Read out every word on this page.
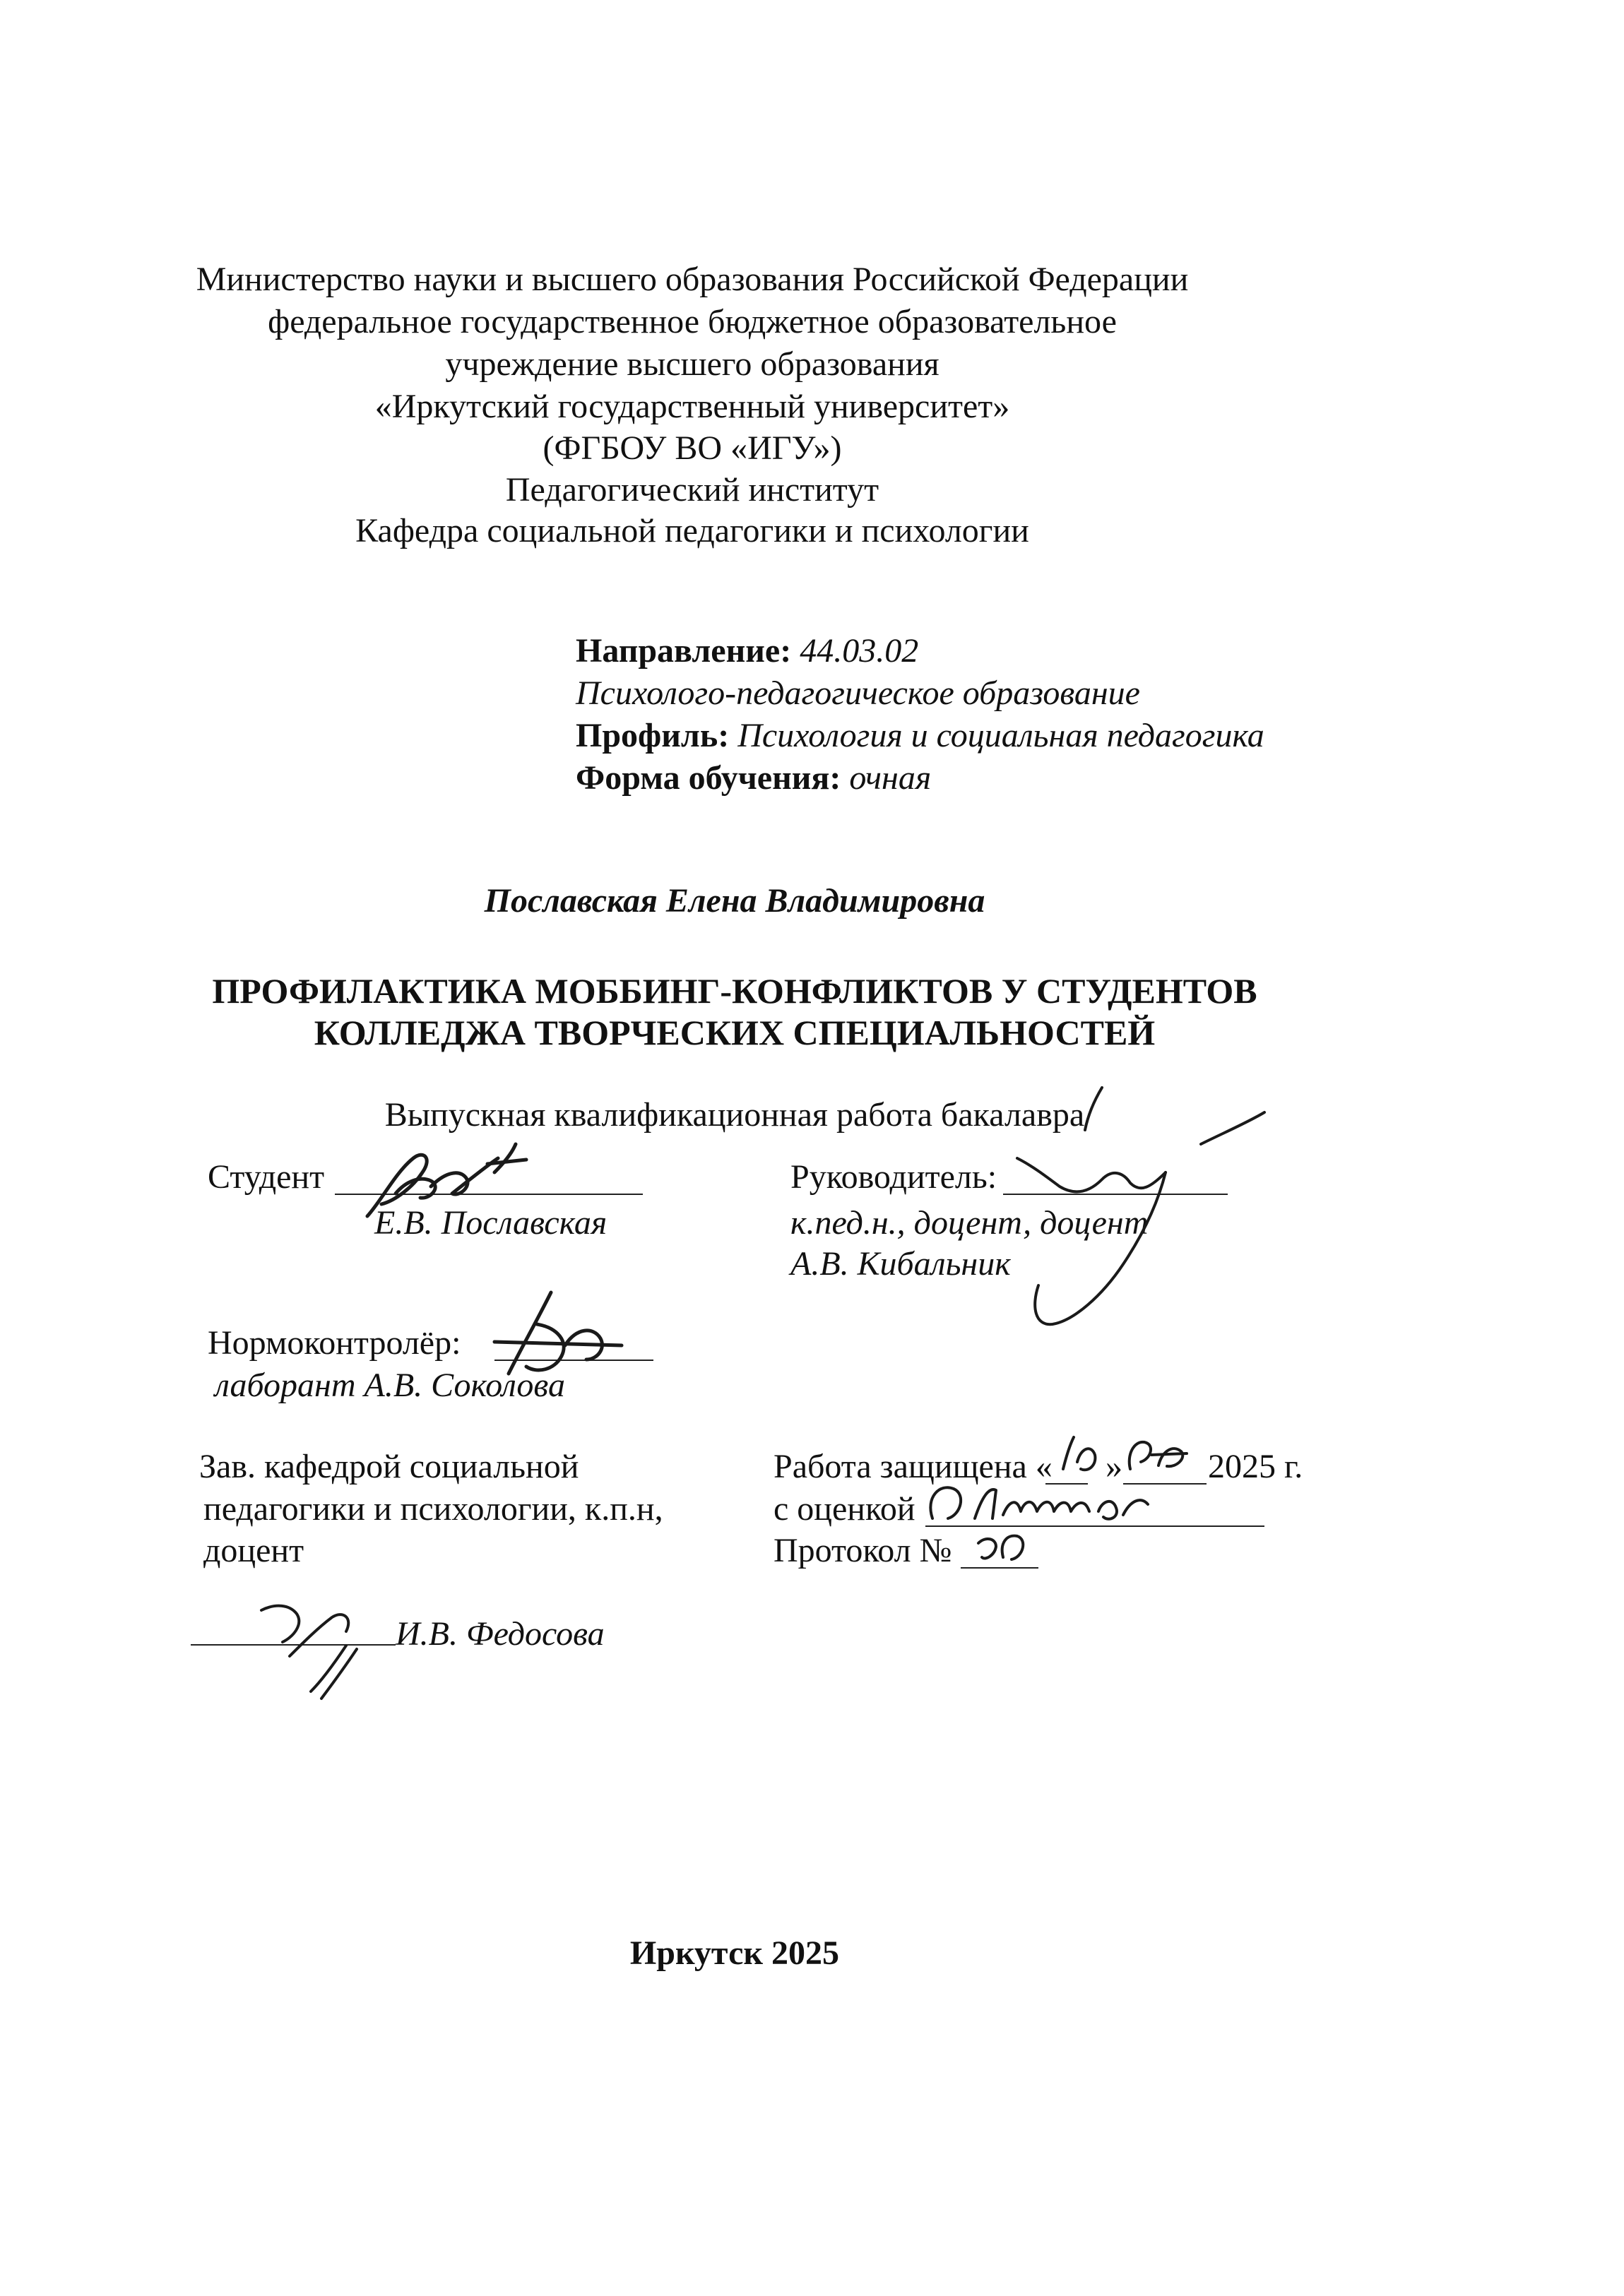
Министерство науки и высшего образования Российской Федерации
федеральное государственное бюджетное образовательное
учреждение высшего образования
«Иркутский государственный университет»
(ФГБОУ ВО «ИГУ»)
Педагогический институт
Кафедра социальной педагогики и психологии
Направление: 44.03.02
Психолого-педагогическое образование
Профиль: Психология и социальная педагогика
Форма обучения: очная
Пославская Елена Владимировна
ПРОФИЛАКТИКА МОББИНГ-КОНФЛИКТОВ У СТУДЕНТОВ
КОЛЛЕДЖА ТВОРЧЕСКИХ СПЕЦИАЛЬНОСТЕЙ
Выпускная квалификационная работа бакалавра
Студент
Е.В. Пославская
Руководитель:
к.пед.н., доцент, доцент
А.В. Кибальник
Нормоконтролёр:
лаборант А.В. Соколова
Зав. кафедрой социальной
педагогики и психологии, к.п.н,
доцент
И.В. Федосова
Работа защищена « »	2025 г.
с оценкой
Протокол №
Иркутск 2025
